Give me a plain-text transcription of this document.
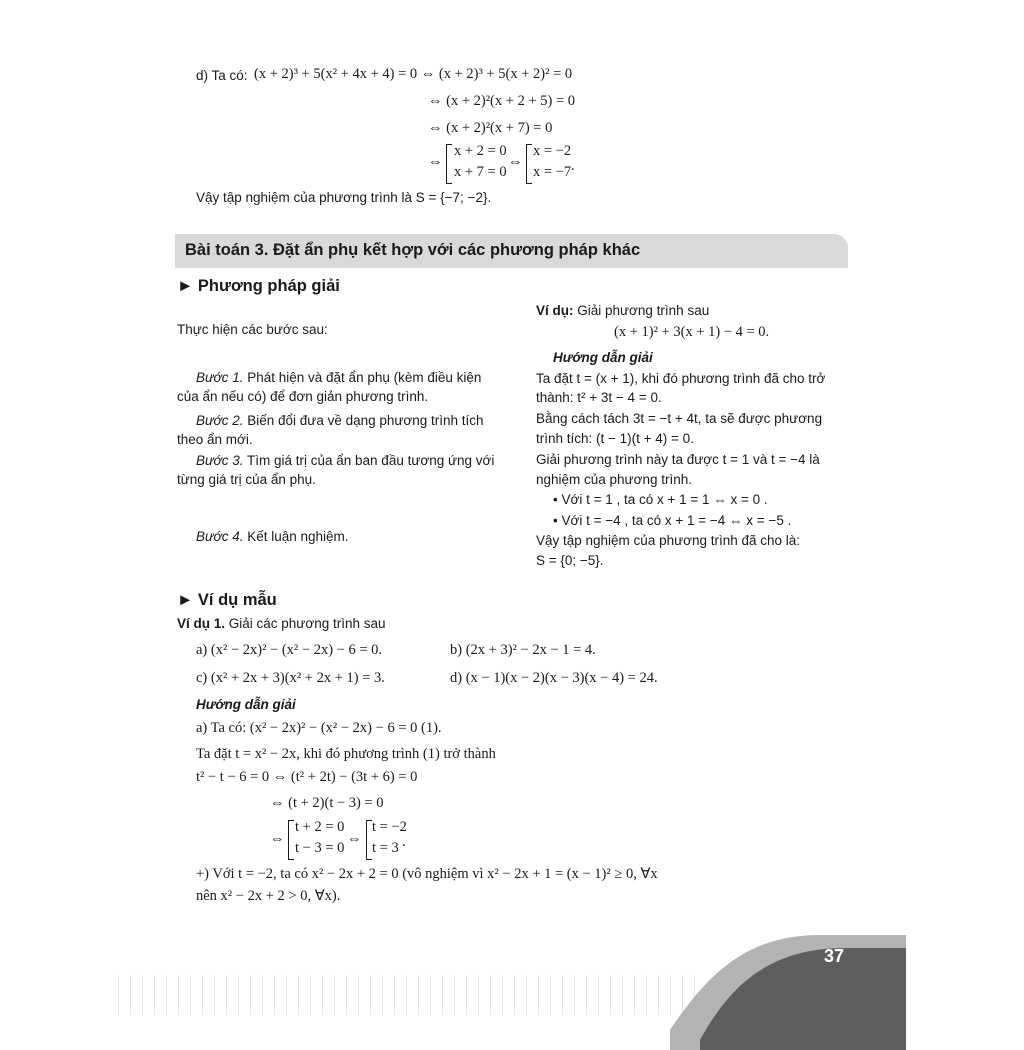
d) Ta có: (x + 2)³ + 5(x² + 4x + 4) = 0 ⇔ (x + 2)³ + 5(x + 2)² = 0
⇔ (x + 2)²(x + 2 + 5) = 0
⇔ (x + 2)²(x + 7) = 0
⇔
x + 2 = 0
x + 7 = 0
⇔
x = −2
x = −7 .
Vậy tập nghiệm của phương trình là S = {−7; −2}.
Bài toán 3. Đặt ẩn phụ kết hợp với các phương pháp khác
► Phương pháp giải
Thực hiện các bước sau:
Bước 1. Phát hiện và đặt ẩn phụ (kèm điều kiện
của ẩn nếu có) để đơn giản phương trình.
Bước 2. Biến đổi đưa về dạng phương trình tích
theo ẩn mới.
Bước 3. Tìm giá trị của ẩn ban đầu tương ứng với
từng giá trị của ẩn phụ.
Bước 4. Kết luận nghiệm.
Ví dụ: Giải phương trình sau
(x + 1)² + 3(x + 1) − 4 = 0.
Hướng dẫn giải
Ta đặt t = (x + 1), khi đó phương trình đã cho trở
thành: t² + 3t − 4 = 0.
Bằng cách tách 3t = −t + 4t, ta sẽ được phương
trình tích: (t − 1)(t + 4) = 0.
Giải phương trình này ta được t = 1 và t = −4 là
nghiệm của phương trình.
• Với t = 1 , ta có x + 1 = 1 ⇔ x = 0 .
• Với t = −4 , ta có x + 1 = −4 ⇔ x = −5 .
Vậy tập nghiệm của phương trình đã cho là:
S = {0; −5}.
► Ví dụ mẫu
Ví dụ 1. Giải các phương trình sau
a) (x² − 2x)² − (x² − 2x) − 6 = 0.	b) (2x + 3)² − 2x − 1 = 4.
c) (x² + 2x + 3)(x² + 2x + 1) = 3.	d) (x − 1)(x − 2)(x − 3)(x − 4) = 24.
Hướng dẫn giải
a) Ta có: (x² − 2x)² − (x² − 2x) − 6 = 0 (1).
Ta đặt t = x² − 2x, khi đó phương trình (1) trở thành
t² − t − 6 = 0 ⇔ (t² + 2t) − (3t + 6) = 0
⇔ (t + 2)(t − 3) = 0
⇔
t + 2 = 0
t − 3 = 0
⇔
t = −2
t = 3 .
+) Với t = −2, ta có x² − 2x + 2 = 0 (vô nghiệm vì x² − 2x + 1 = (x − 1)² ≥ 0, ∀x
nên x² − 2x + 2 > 0, ∀x).
37
